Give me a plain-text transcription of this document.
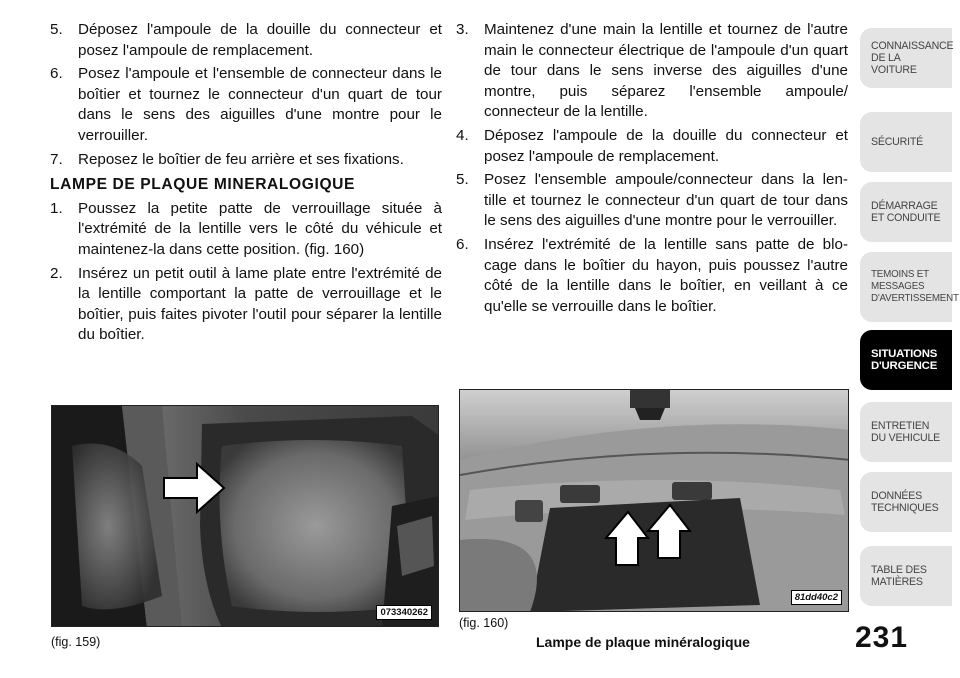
5. Déposez l'ampoule de la douille du connecteur et posez l'ampoule de remplacement.
6. Posez l'ampoule et l'ensemble de connecteur dans le boîtier et tournez le connecteur d'un quart de tour dans le sens des aiguilles d'une montre pour le verrouiller.
7. Reposez le boîtier de feu arrière et ses fixations.
LAMPE DE PLAQUE MINERALOGIQUE
1. Poussez la petite patte de verrouillage située à l'extrémité de la lentille vers le côté du véhicule et maintenez-la dans cette position. (fig. 160)
2. Insérez un petit outil à lame plate entre l'extrémité de la lentille comportant la patte de verrouillage et le boîtier, puis faites pivoter l'outil pour séparer la lentille du boîtier.
3. Maintenez d'une main la lentille et tournez de l'autre main le connecteur électrique de l'ampoule d'un quart de tour dans le sens inverse des aiguilles d'une montre, puis séparez l'ensemble ampoule/ connecteur de la lentille.
4. Déposez l'ampoule de la douille du connecteur et posez l'ampoule de remplacement.
5. Posez l'ensemble ampoule/connecteur dans la len- tille et tournez le connecteur d'un quart de tour dans le sens des aiguilles d'une montre pour le verrouiller.
6. Insérez l'extrémité de la lentille sans patte de blo- cage dans le boîtier du hayon, puis poussez l'autre côté de la lentille dans le boîtier, en veillant à ce qu'elle se verrouille dans le boîtier.
073340262
(fig. 159)
81dd40c2
(fig. 160)
Lampe de plaque minéralogique	231
CONNAISSANCE
DE LA VOITURE
SÉCURITÉ
DÉMARRAGE
ET CONDUITE
TEMOINS ET
MESSAGES
D'AVERTISSEMENT
SITUATIONS
D'URGENCE
ENTRETIEN
DU VEHICULE
DONNÉES
TECHNIQUES
TABLE DES
MATIÈRES
